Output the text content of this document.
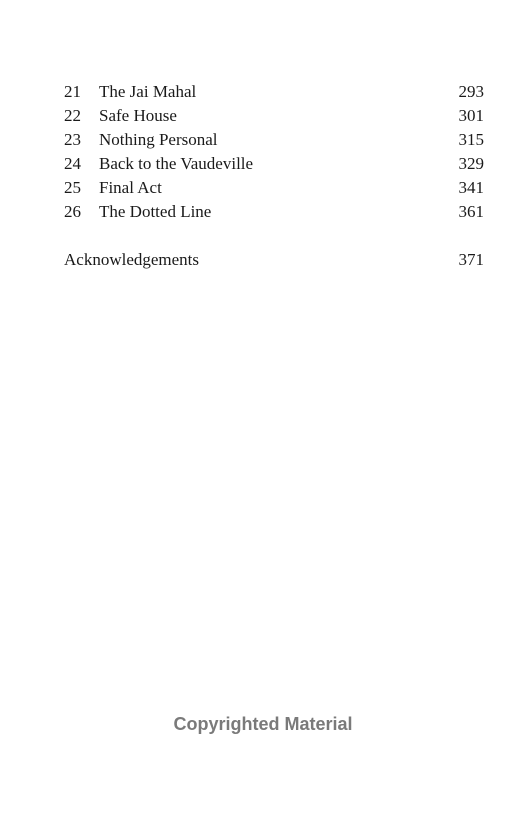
21	The Jai Mahal	293
22	Safe House	301
23	Nothing Personal	315
24	Back to the Vaudeville	329
25	Final Act	341
26	The Dotted Line	361
Acknowledgements	371
Copyrighted Material
